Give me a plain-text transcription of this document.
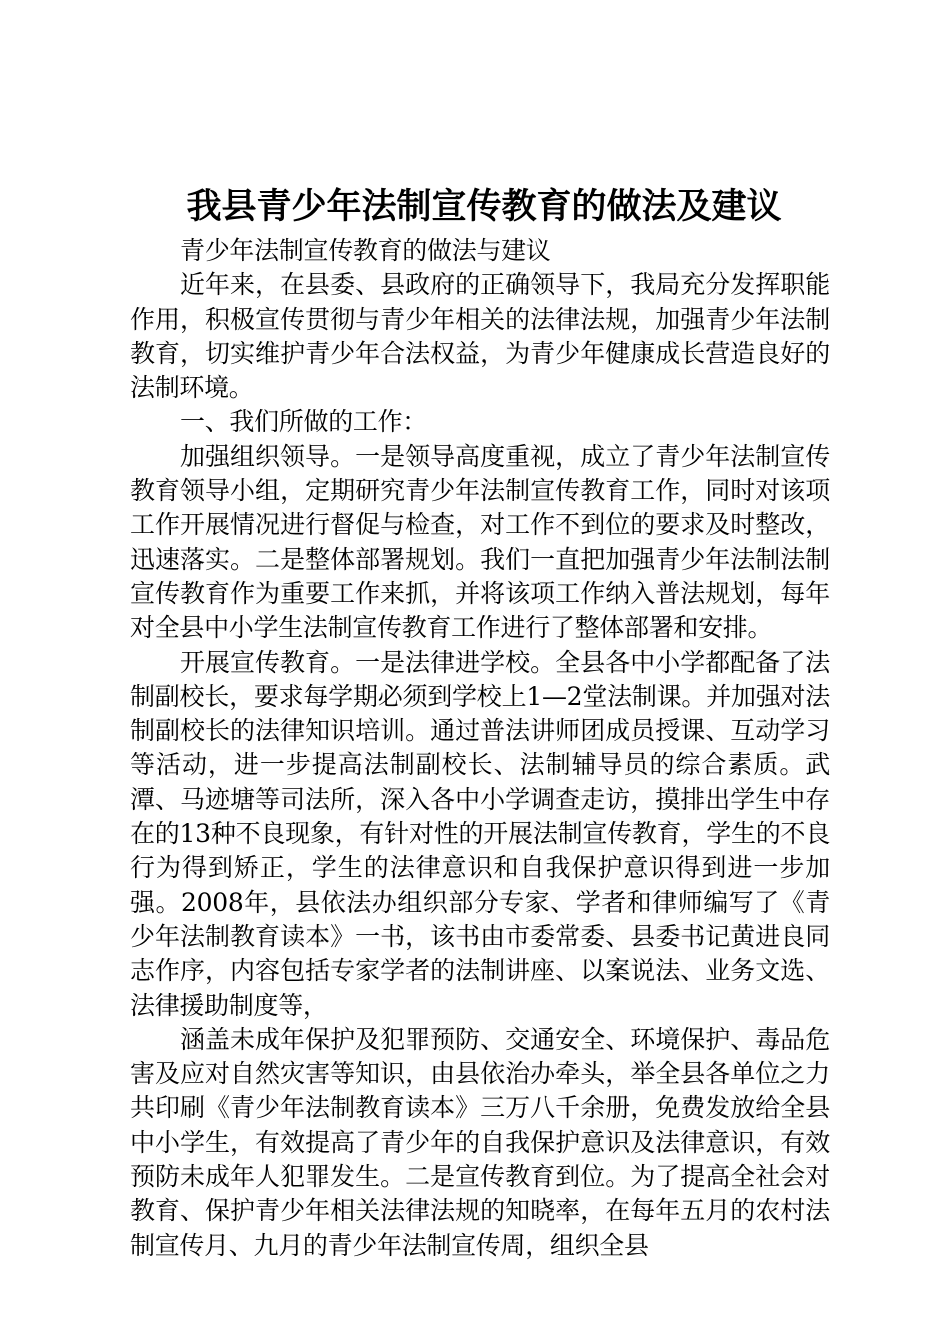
我县青少年法制宣传教育的做法及建议

青少年法制宣传教育的做法与建议

近年来，在县委、县政府的正确领导下，我局充分发挥职能作用，积极宣传贯彻与青少年相关的法律法规，加强青少年法制教育，切实维护青少年合法权益，为青少年健康成长营造良好的法制环境。

一、我们所做的工作：

加强组织领导。一是领导高度重视，成立了青少年法制宣传教育领导小组，定期研究青少年法制宣传教育工作，同时对该项工作开展情况进行督促与检查，对工作不到位的要求及时整改，迅速落实。二是整体部署规划。我们一直把加强青少年法制法制宣传教育作为重要工作来抓，并将该项工作纳入普法规划，每年对全县中小学生法制宣传教育工作进行了整体部署和安排。

开展宣传教育。一是法律进学校。全县各中小学都配备了法制副校长，要求每学期必须到学校上1—2堂法制课。并加强对法制副校长的法律知识培训。通过普法讲师团成员授课、互动学习等活动，进一步提高法制副校长、法制辅导员的综合素质。武潭、马迹塘等司法所，深入各中小学调查走访，摸排出学生中存在的13种不良现象，有针对性的开展法制宣传教育，学生的不良行为得到矫正，学生的法律意识和自我保护意识得到进一步加强。2008年，县依法办组织部分专家、学者和律师编写了《青少年法制教育读本》一书，该书由市委常委、县委书记黄进良同志作序，内容包括专家学者的法制讲座、以案说法、业务文选、法律援助制度等，

涵盖未成年保护及犯罪预防、交通安全、环境保护、毒品危害及应对自然灾害等知识，由县依治办牵头，举全县各单位之力共印刷《青少年法制教育读本》三万八千余册，免费发放给全县中小学生，有效提高了青少年的自我保护意识及法律意识，有效预防未成年人犯罪发生。二是宣传教育到位。为了提高全社会对教育、保护青少年相关法律法规的知晓率，在每年五月的农村法制宣传月、九月的青少年法制宣传周，组织全县
